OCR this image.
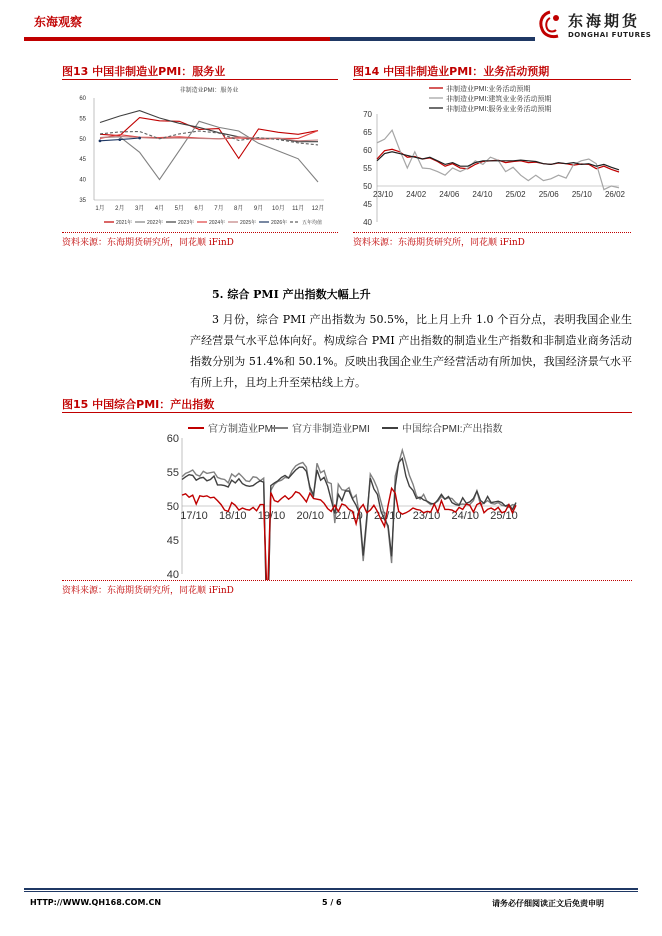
东海观察	东海期货
DONGHAI FUTURES
图13 中国非制造业PMI：服务业
非制造业PMI：服务业
35
40
45
50
55
60
1月 2月 3月 4月 5月 6月 7月 8月 9月 10月 11月 12月
2021年	2022年	2023年	2024年	2025年	2026年	五年均值
资料来源：东海期货研究所，同花顺 iFinD
图14 中国非制造业PMI：业务活动预期
40
45
50
55
60
65
70
23/10 24/02 24/06 24/10 25/02 25/06 25/10 26/02
非制造业PMI:业务活动预期
非制造业PMI:建筑业业务活动预期
非制造业PMI:服务业业务活动预期
资料来源：东海期货研究所，同花顺 iFinD
5. 综合 PMI 产出指数大幅上升
3 月份，综合 PMI 产出指数为 50.5%，比上月上升 1.0 个百分点，表明我国企业生产经营景气水平总体向好。构成综合 PMI 产出指数的制造业生产指数和非制造业商务活动指数分别为 51.4%和 50.1%。反映出我国企业生产经营活动有所加快，我国经济景气水平有所上升，且均上升至荣枯线上方。
图15 中国综合PMI：产出指数
40
45
50
55
60
17/10 18/10 19/10 20/10 21/10 22/10 23/10 24/10 25/10
官方制造业PMI 官方非制造业PMI	中国综合PMI:产出指数
资料来源：东海期货研究所，同花顺 iFinD
HTTP://WWW.QH168.COM.CN	5 / 6	请务必仔细阅读正文后免责申明
